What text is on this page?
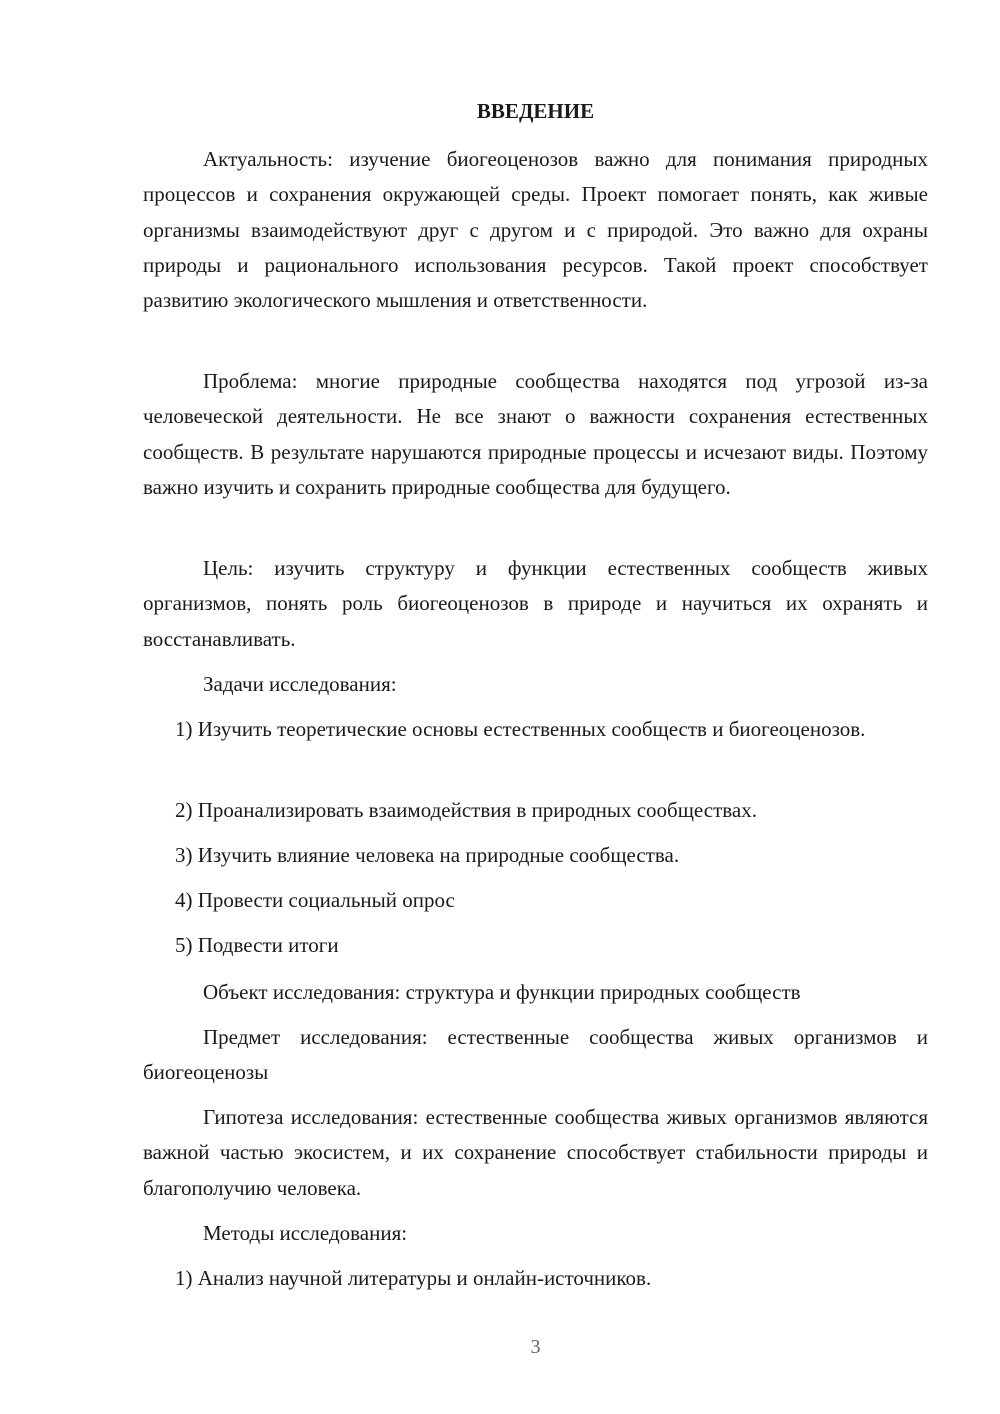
ВВЕДЕНИЕ

Актуальность: изучение биогеоценозов важно для понимания природных процессов и сохранения окружающей среды. Проект помогает понять, как живые организмы взаимодействуют друг с другом и с природой. Это важно для охраны природы и рационального использования ресурсов. Такой проект способствует развитию экологического мышления и ответственности.

Проблема: многие природные сообщества находятся под угрозой из-за человеческой деятельности. Не все знают о важности сохранения естественных сообществ. В результате нарушаются природные процессы и исчезают виды. Поэтому важно изучить и сохранить природные сообщества для будущего.

Цель: изучить структуру и функции естественных сообществ живых организмов, понять роль биогеоценозов в природе и научиться их охранять и восстанавливать.

Задачи исследования:

1) Изучить теоретические основы естественных сообществ и биогеоценозов.

2) Проанализировать взаимодействия в природных сообществах.

3) Изучить влияние человека на природные сообщества.

4) Провести социальный опрос

5) Подвести итоги

Объект исследования: структура и функции природных сообществ

Предмет исследования: естественные сообщества живых организмов и биогеоценозы

Гипотеза исследования: естественные сообщества живых организмов являются важной частью экосистем, и их сохранение способствует стабильности природы и благополучию человека.

Методы исследования:

1) Анализ научной литературы и онлайн-источников.

3
